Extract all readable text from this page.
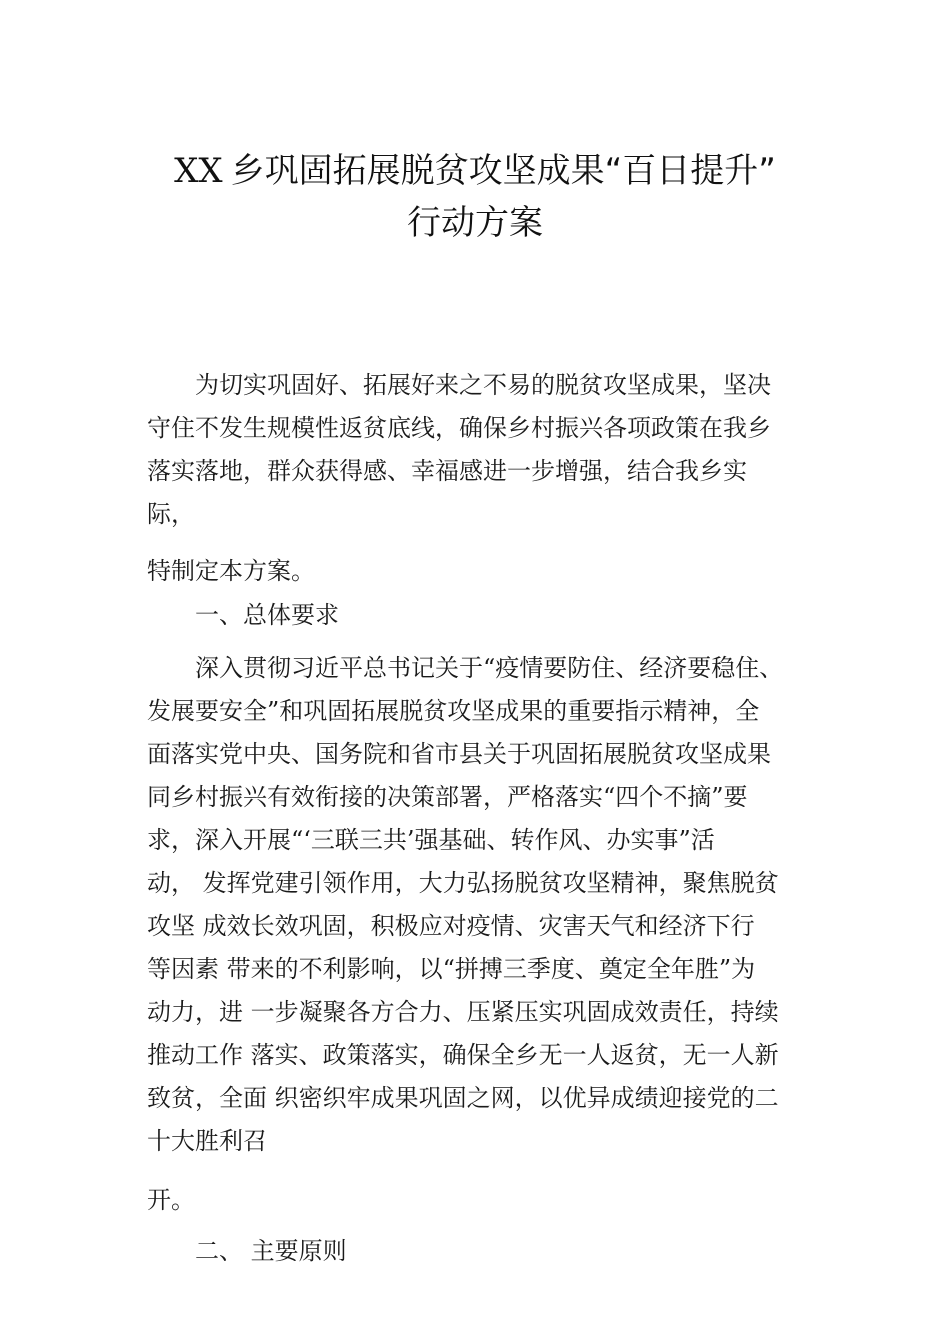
XX 乡巩固拓展脱贫攻坚成果“百日提升”
行动方案
　　为切实巩固好、拓展好来之不易的脱贫攻坚成果，坚决
守住不发生规模性返贫底线，确保乡村振兴各项政策在我乡
落实落地，群众获得感、幸福感进一步增强，结合我乡实
际，
特制定本方案。
　　一、总体要求
　　深入贯彻习近平总书记关于“疫情要防住、经济要稳住、
发展要安全”和巩固拓展脱贫攻坚成果的重要指示精神，全
面落实党中央、国务院和省市县关于巩固拓展脱贫攻坚成果
同乡村振兴有效衔接的决策部署，严格落实“四个不摘”要
求，深入开展“‘三联三共’强基础、转作风、办实事”活
动， 发挥党建引领作用，大力弘扬脱贫攻坚精神，聚焦脱贫
攻坚 成效长效巩固，积极应对疫情、灾害天气和经济下行
等因素 带来的不利影响，以“拼搏三季度、奠定全年胜”为
动力，进 一步凝聚各方合力、压紧压实巩固成效责任，持续
推动工作 落实、政策落实，确保全乡无一人返贫，无一人新
致贫，全面 织密织牢成果巩固之网，以优异成绩迎接党的二
十大胜利召
开。
　　二、 主要原则
